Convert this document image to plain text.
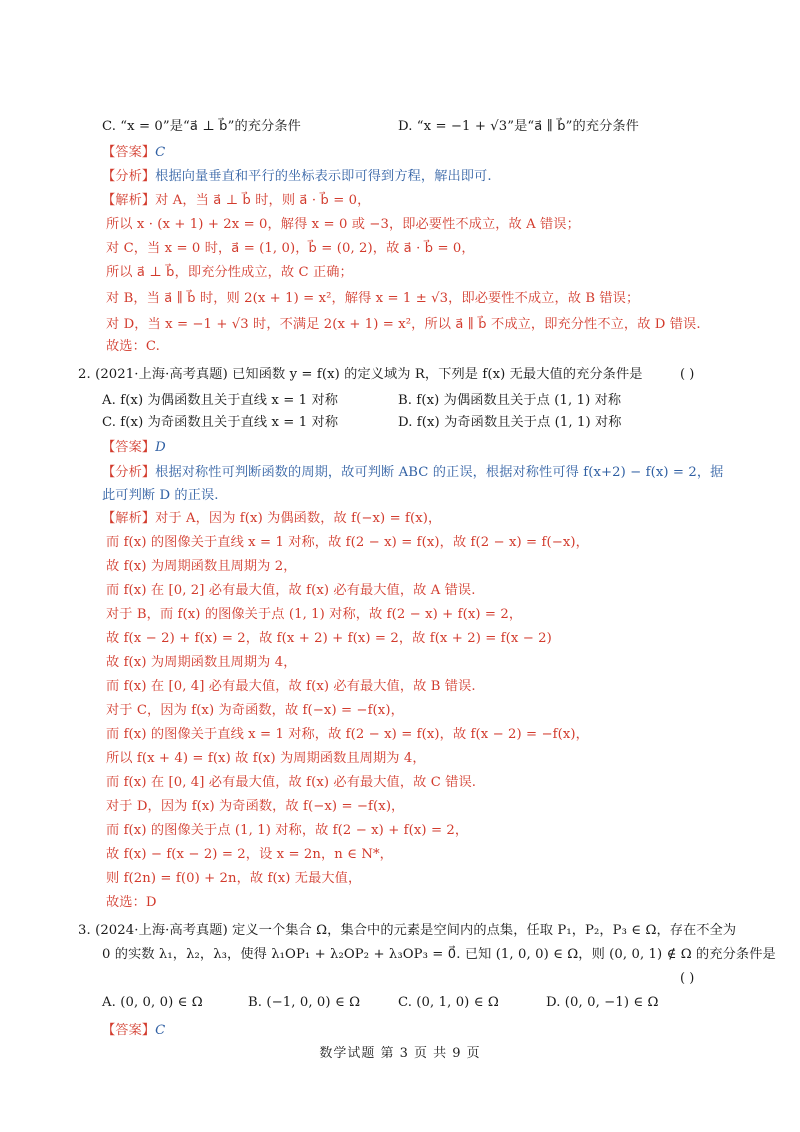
C. “x = 0”是“a⃗ ⊥ b⃗”的充分条件	D. “x = −1 + √3”是“a⃗ ∥ b⃗”的充分条件
【答案】C
【分析】根据向量垂直和平行的坐标表示即可得到方程，解出即可.
【解析】对 A，当 a⃗ ⊥ b⃗ 时，则 a⃗ · b⃗ = 0，
所以 x · (x + 1) + 2x = 0，解得 x = 0 或 −3，即必要性不成立，故 A 错误；
对 C，当 x = 0 时，a⃗ = (1, 0)，b⃗ = (0, 2)，故 a⃗ · b⃗ = 0，
所以 a⃗ ⊥ b⃗，即充分性成立，故 C 正确；
对 B，当 a⃗ ∥ b⃗ 时，则 2(x + 1) = x²，解得 x = 1 ± √3，即必要性不成立，故 B 错误；
对 D，当 x = −1 + √3 时，不满足 2(x + 1) = x²，所以 a⃗ ∥ b⃗ 不成立，即充分性不立，故 D 错误.
故选：C.
2. (2021·上海·高考真题) 已知函数 y = f(x) 的定义域为 R，下列是 f(x) 无最大值的充分条件是	( )
A. f(x) 为偶函数且关于直线 x = 1 对称	B. f(x) 为偶函数且关于点 (1, 1) 对称
C. f(x) 为奇函数且关于直线 x = 1 对称	D. f(x) 为奇函数且关于点 (1, 1) 对称
【答案】D
【分析】根据对称性可判断函数的周期，故可判断 ABC 的正误，根据对称性可得 f(x+2) − f(x) = 2，据
此可判断 D 的正误.
【解析】对于 A，因为 f(x) 为偶函数，故 f(−x) = f(x)，
而 f(x) 的图像关于直线 x = 1 对称，故 f(2 − x) = f(x)，故 f(2 − x) = f(−x)，
故 f(x) 为周期函数且周期为 2，
而 f(x) 在 [0, 2] 必有最大值，故 f(x) 必有最大值，故 A 错误.
对于 B，而 f(x) 的图像关于点 (1, 1) 对称，故 f(2 − x) + f(x) = 2，
故 f(x − 2) + f(x) = 2，故 f(x + 2) + f(x) = 2，故 f(x + 2) = f(x − 2)
故 f(x) 为周期函数且周期为 4，
而 f(x) 在 [0, 4] 必有最大值，故 f(x) 必有最大值，故 B 错误.
对于 C，因为 f(x) 为奇函数，故 f(−x) = −f(x)，
而 f(x) 的图像关于直线 x = 1 对称，故 f(2 − x) = f(x)，故 f(x − 2) = −f(x)，
所以 f(x + 4) = f(x) 故 f(x) 为周期函数且周期为 4，
而 f(x) 在 [0, 4] 必有最大值，故 f(x) 必有最大值，故 C 错误.
对于 D，因为 f(x) 为奇函数，故 f(−x) = −f(x)，
而 f(x) 的图像关于点 (1, 1) 对称，故 f(2 − x) + f(x) = 2，
故 f(x) − f(x − 2) = 2，设 x = 2n，n ∈ N*，
则 f(2n) = f(0) + 2n，故 f(x) 无最大值，
故选：D
3. (2024·上海·高考真题) 定义一个集合 Ω，集合中的元素是空间内的点集，任取 P₁，P₂，P₃ ∈ Ω，存在不全为
0 的实数 λ₁，λ₂，λ₃，使得 λ₁OP₁ + λ₂OP₂ + λ₃OP₃ = 0⃗. 已知 (1, 0, 0) ∈ Ω，则 (0, 0, 1) ∉ Ω 的充分条件是
( )
A. (0, 0, 0) ∈ Ω	B. (−1, 0, 0) ∈ Ω	C. (0, 1, 0) ∈ Ω	D. (0, 0, −1) ∈ Ω
【答案】C
数学试题 第 3 页 共 9 页
